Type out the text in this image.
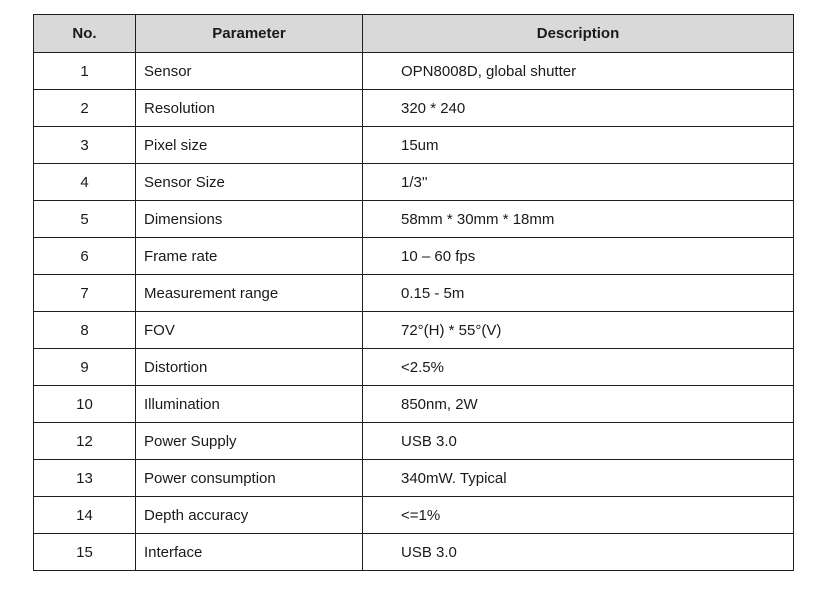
No.	Parameter	Description
1	Sensor	OPN8008D, global shutter
2	Resolution	320 * 240
3	Pixel size	15um
4	Sensor Size	1/3''
5	Dimensions	58mm * 30mm * 18mm
6	Frame rate	10 – 60 fps
7	Measurement range	0.15 - 5m
8	FOV	72°(H) * 55°(V)
9	Distortion	<2.5%
10	Illumination	850nm, 2W
12	Power Supply	USB 3.0
13	Power consumption	340mW. Typical
14	Depth accuracy	<=1%
15	Interface	USB 3.0
